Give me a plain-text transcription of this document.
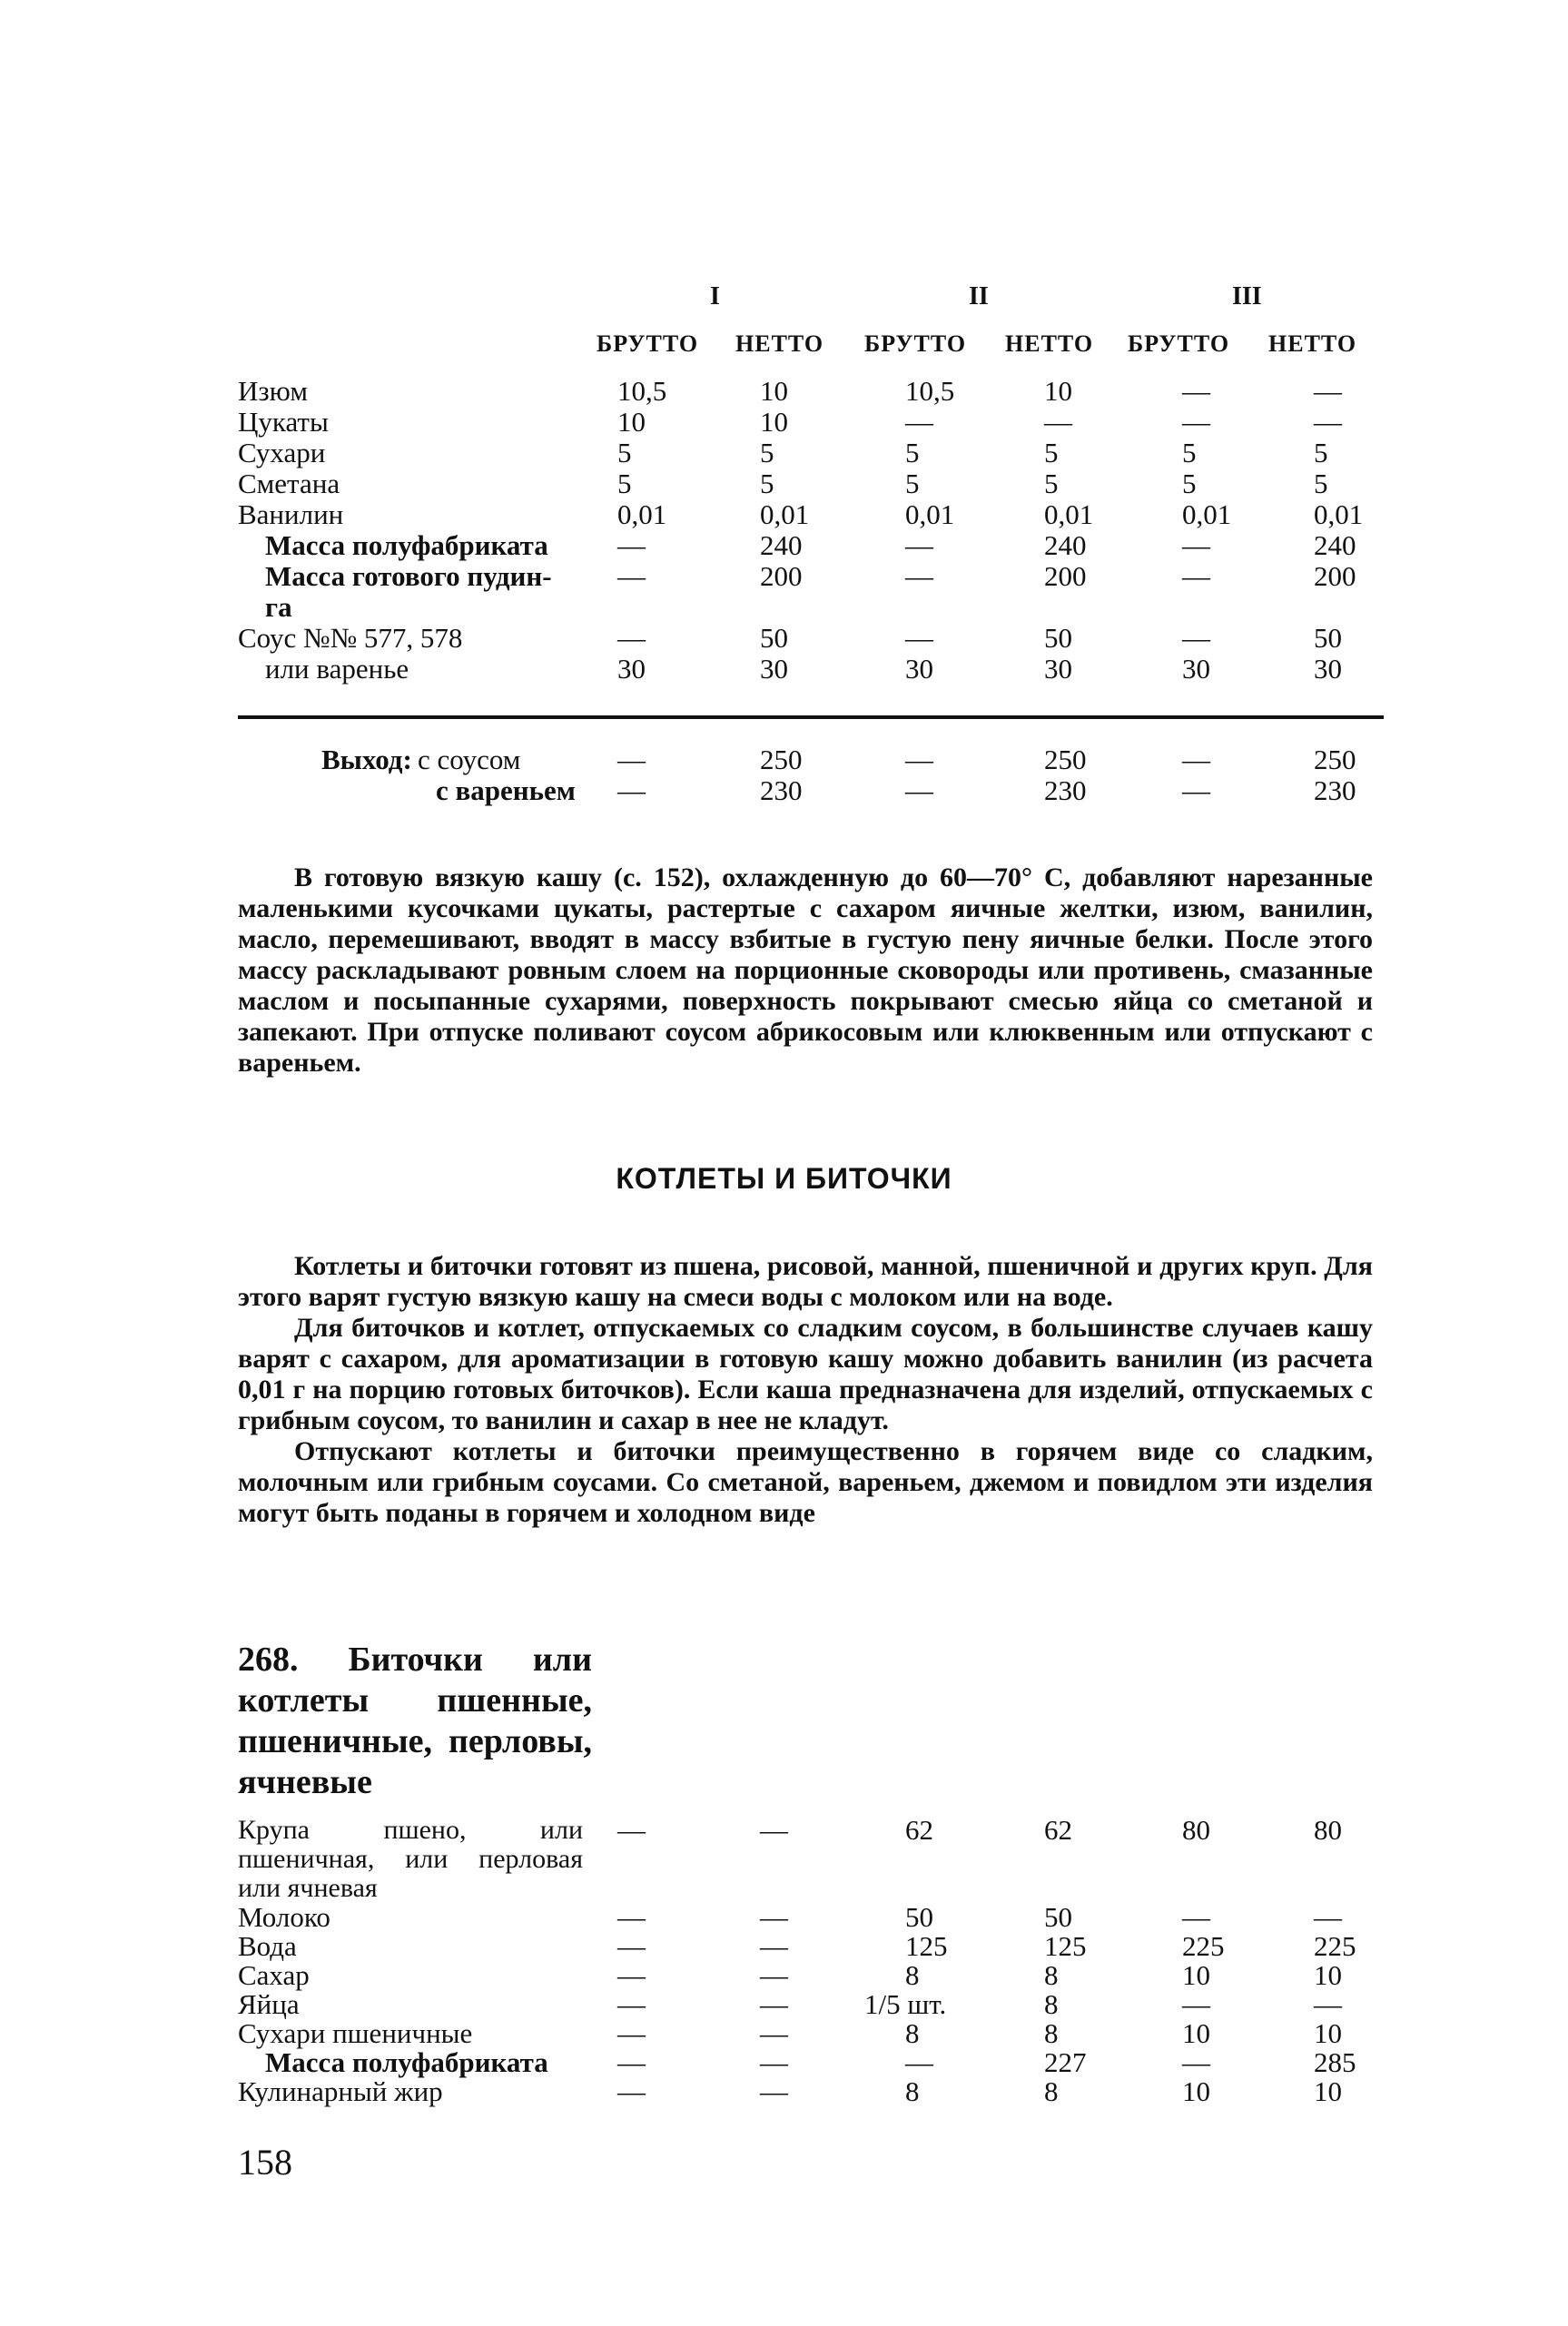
I	II	III
БРУТТО НЕТТО БРУТТО НЕТТО БРУТТО НЕТТО
Изюм	10,5	10	10,5	10	—	—
Цукаты	10	10	—	—	—	—
Сухари	5	5	5	5	5	5
Сметана	5	5	5	5	5	5
Ванилин	0,01	0,01	0,01	0,01	0,01	0,01
Масса полуфабриката —	240	—	240	—	240
Масса готового пудин- —	200	—	200	—	200
га
Соус №№ 577, 578	—	50	—	50	—	50
или варенье	30	30	30	30	30	30
Выход: с соусом	—	250	—	250	—	250
с вареньем —	230	—	230	—	230

В готовую вязкую кашу (с. 152), охлажденную до 60—70° С, добавляют нарезанные маленькими кусочками цукаты, растертые с сахаром яичные желтки, изюм, ванилин, масло, перемешивают, вводят в массу взбитые в густую пену яичные белки. После этого массу раскладывают ровным слоем на порционные сковороды или противень, смазанные маслом и посыпанные сухарями, поверхность покрывают смесью яйца со сметаной и запекают. При отпуске поливают соусом абрикосовым или клюквенным или отпускают с вареньем.

КОТЛЕТЫ И БИТОЧКИ

Котлеты и биточки готовят из пшена, рисовой, манной, пшеничной и других круп. Для этого варят густую вязкую кашу на смеси воды с молоком или на воде.

Для биточков и котлет, отпускаемых со сладким соусом, в большинстве случаев кашу варят с сахаром, для ароматизации в готовую кашу можно добавить ванилин (из расчета 0,01 г на порцию готовых биточков). Если каша предназначена для изделий, отпускаемых с грибным соусом, то ванилин и сахар в нее не кладут.

Отпускают котлеты и биточки преимущественно в горячем виде со сладким, молочным или грибным соусами. Со сметаной, вареньем, джемом и повидлом эти изделия могут быть поданы в горячем и холодном виде

268. Биточки или котлеты пшенные, пшеничные, перловы, ячневые
Крупа пшено, или пшеничная, или перловая или ячневая
—	—	62	62	80	80
Молоко	—	—	50	50	—	—
Вода	—	—	125	125	225	225
Сахар	—	—	8	8	10	10
Яйца	—	—	1/5 шт.	8	—	—
Сухари пшеничные	—	—	8	8	10	10
Масса полуфабриката —	—	—	227	—	285
Кулинарный жир	—	—	8	8	10	10
158
